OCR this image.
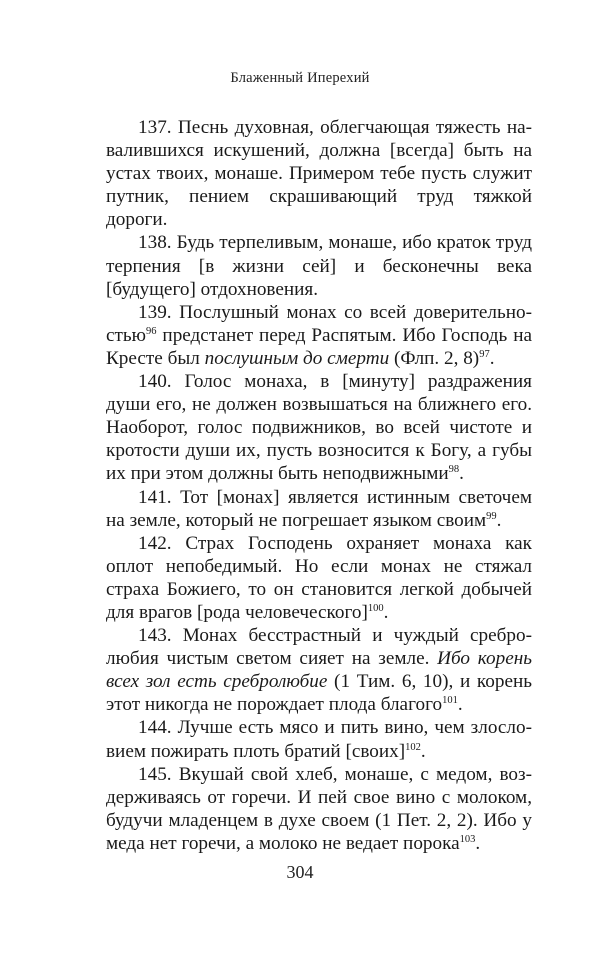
Блаженный Иперехий

137. Песнь духовная, облегчающая тяжесть навалившихся искушений, должна [всегда] быть на устах твоих, монаше. Примером тебе пусть служит путник, пением скрашивающий труд тяжкой дороги.

138. Будь терпеливым, монаше, ибо краток труд терпения [в жизни сей] и бесконечны века [будущего] отдохновения.

139. Послушный монах со всей доверительностью$^{96}$ предстанет перед Распятым. Ибо Господь на Кресте был послушным до смерти (Флп. 2, 8)$^{97}$.

140. Голос монаха, в [минуту] раздражения души его, не должен возвышаться на ближнего его. Наоборот, голос подвижников, во всей чистоте и кротости души их, пусть возносится к Богу, а губы их при этом должны быть неподвижными$^{98}$.

141. Тот [монах] является истинным светочем на земле, который не погрешает языком своим$^{99}$.

142. Страх Господень охраняет монаха как оплот непобедимый. Но если монах не стяжал страха Божиего, то он становится легкой добычей для врагов [рода человеческого]$^{100}$.

143. Монах бесстрастный и чуждый сребролюбия чистым светом сияет на земле. Ибо корень всех зол есть сребролюбие (1 Тим. 6, 10), и корень этот никогда не порождает плода благого$^{101}$.

144. Лучше есть мясо и пить вино, чем злословием пожирать плоть братий [своих]$^{102}$.

145. Вкушай свой хлеб, монаше, с медом, воздерживаясь от горечи. И пей свое вино с молоком, будучи младенцем в духе своем (1 Пет. 2, 2). Ибо у меда нет горечи, а молоко не ведает порока$^{103}$.

304
